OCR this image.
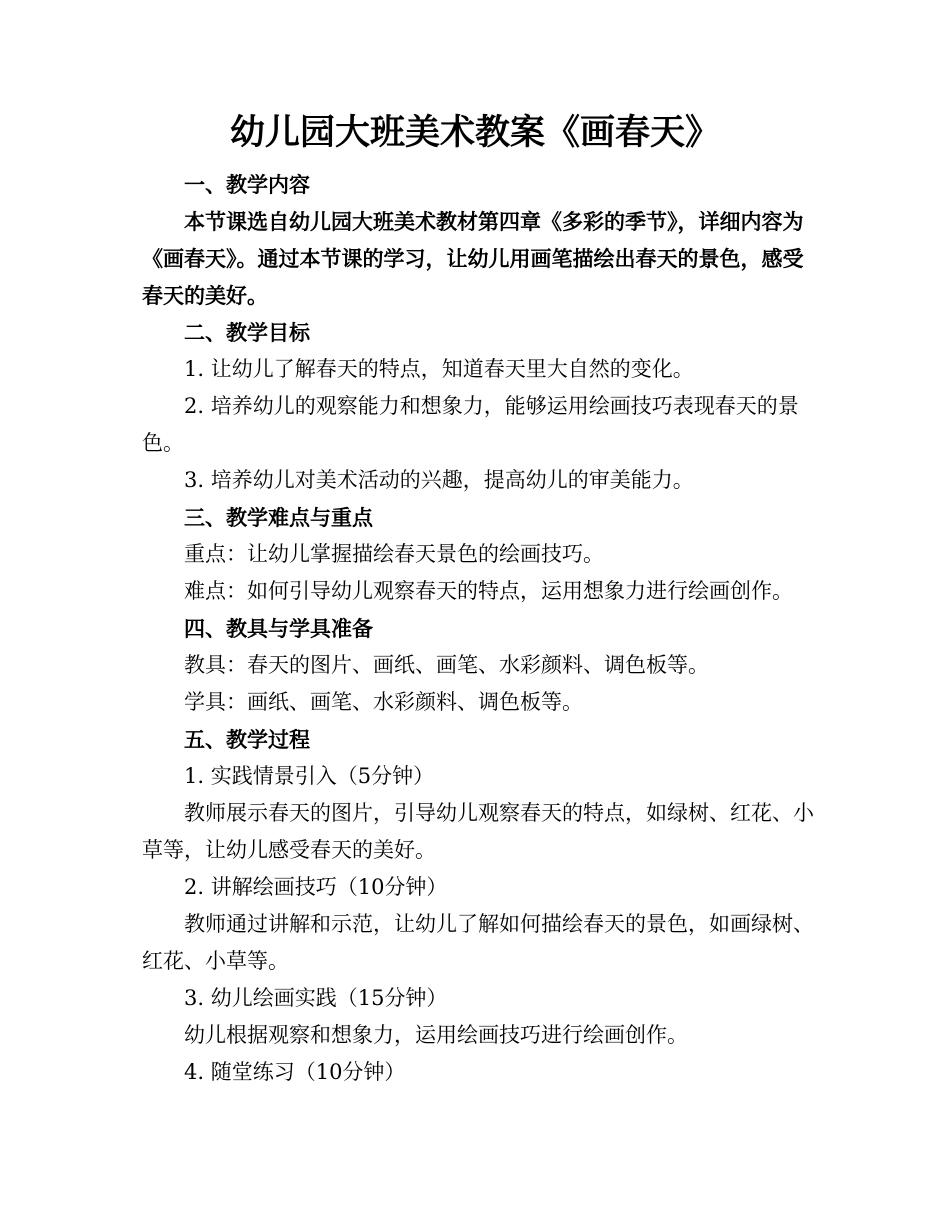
幼儿园大班美术教案《画春天》

一、教学内容

本节课选自幼儿园大班美术教材第四章《多彩的季节》，详细内容为《画春天》。通过本节课的学习，让幼儿用画笔描绘出春天的景色，感受春天的美好。

二、教学目标

1. 让幼儿了解春天的特点，知道春天里大自然的变化。

2. 培养幼儿的观察能力和想象力，能够运用绘画技巧表现春天的景色。

3. 培养幼儿对美术活动的兴趣，提高幼儿的审美能力。

三、教学难点与重点

重点：让幼儿掌握描绘春天景色的绘画技巧。

难点：如何引导幼儿观察春天的特点，运用想象力进行绘画创作。

四、教具与学具准备

教具：春天的图片、画纸、画笔、水彩颜料、调色板等。

学具：画纸、画笔、水彩颜料、调色板等。

五、教学过程

1. 实践情景引入（5分钟）

教师展示春天的图片，引导幼儿观察春天的特点，如绿树、红花、小草等，让幼儿感受春天的美好。

2. 讲解绘画技巧（10分钟）

教师通过讲解和示范，让幼儿了解如何描绘春天的景色，如画绿树、红花、小草等。

3. 幼儿绘画实践（15分钟）

幼儿根据观察和想象力，运用绘画技巧进行绘画创作。

4. 随堂练习（10分钟）
